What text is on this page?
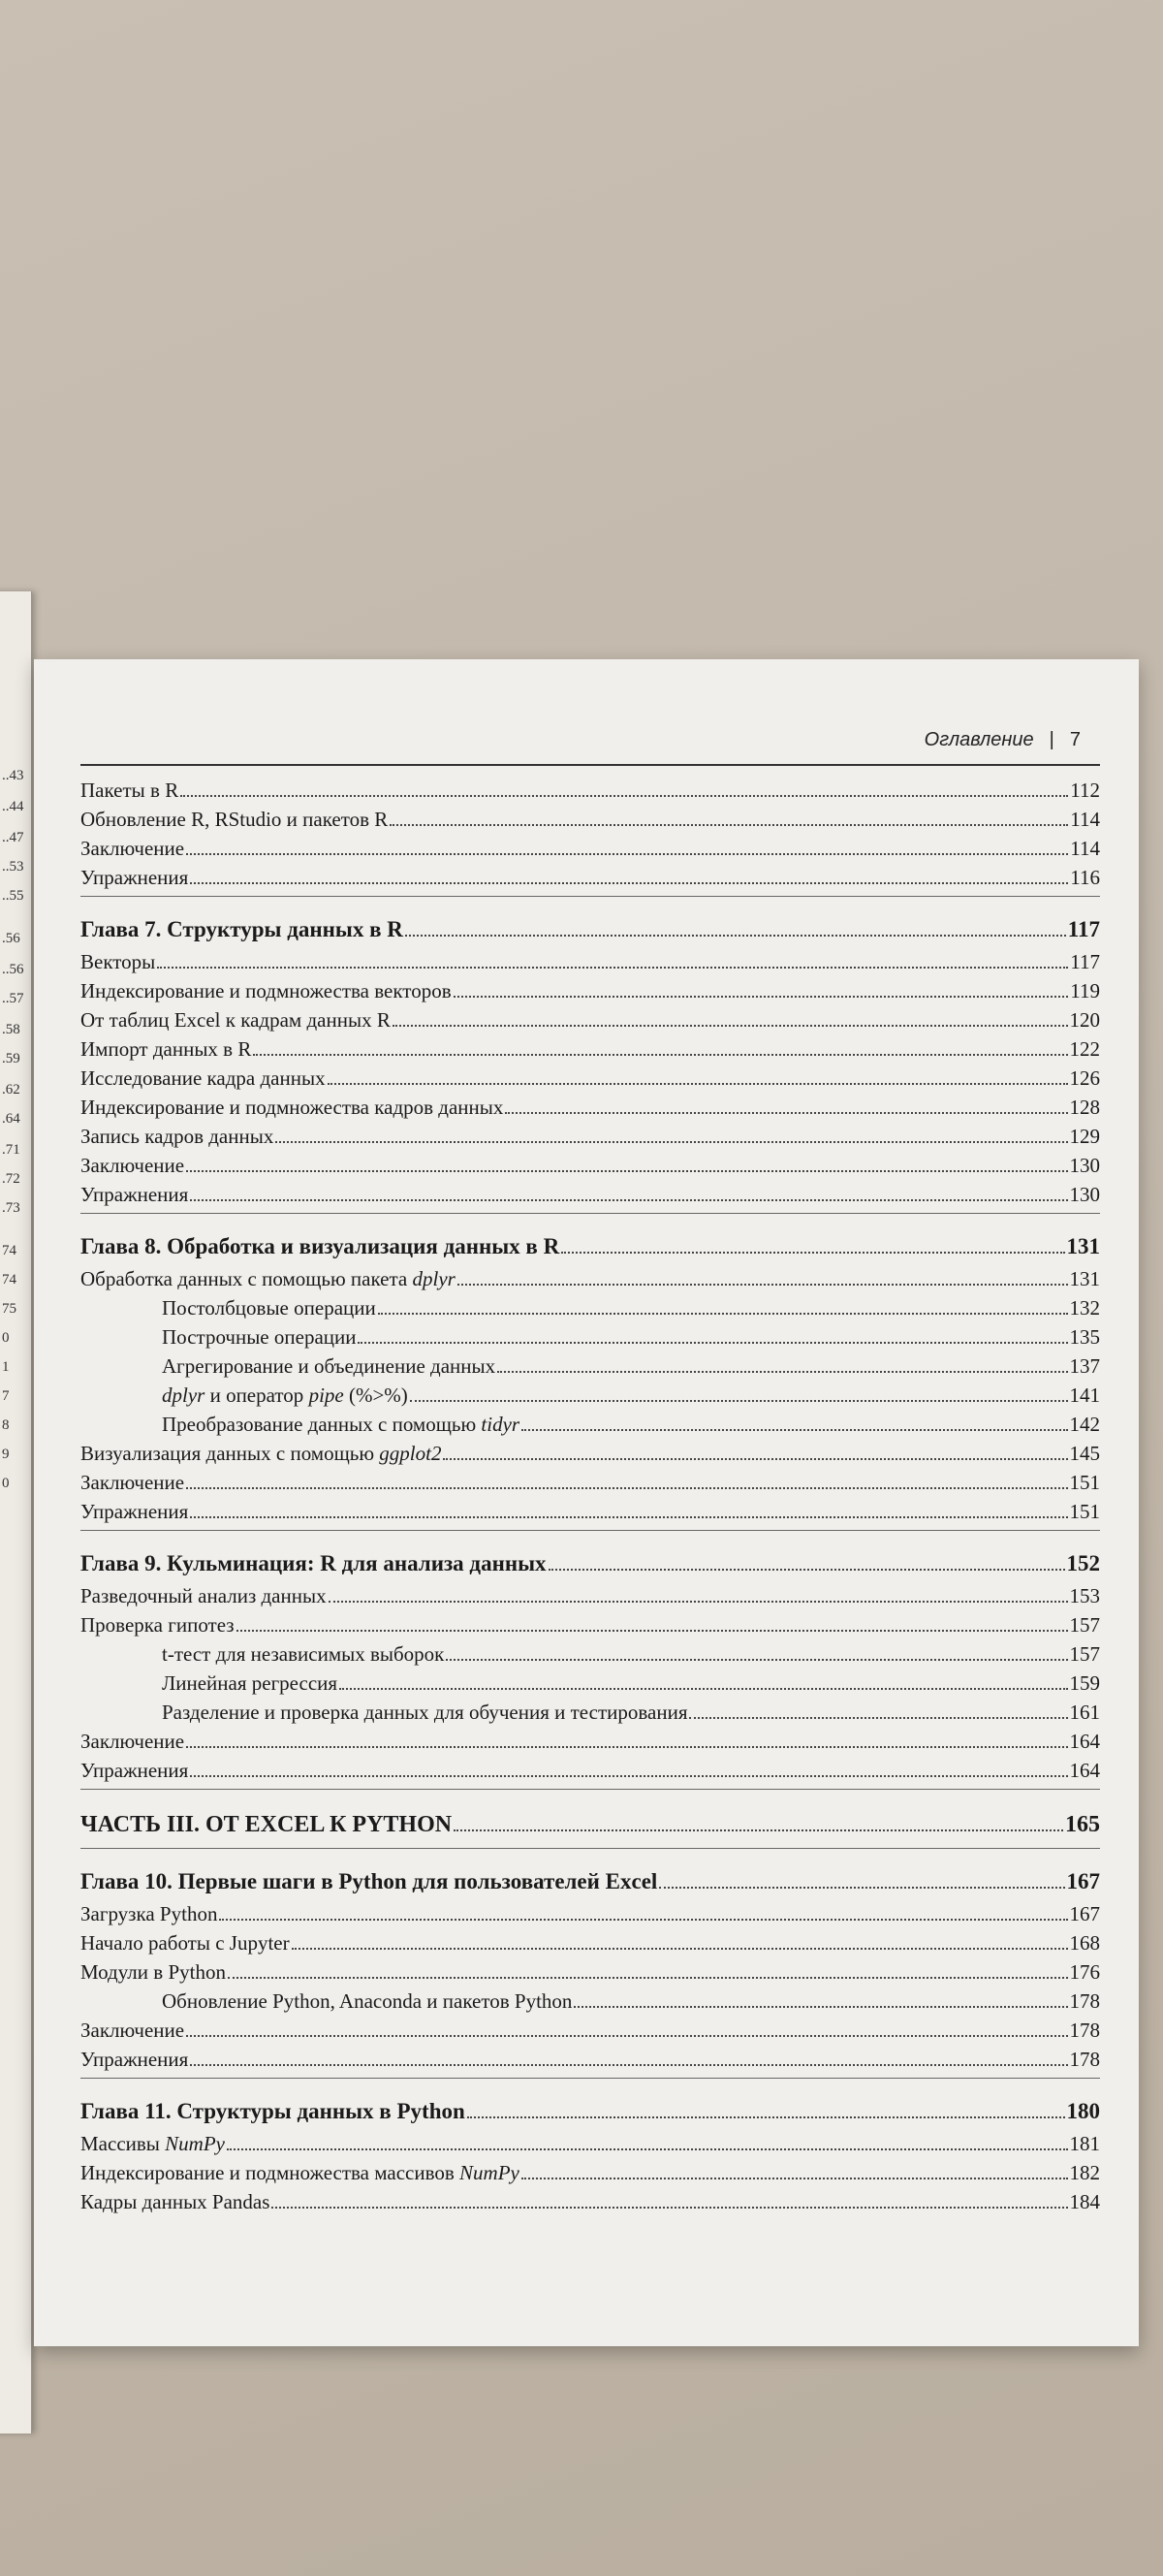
..43
..44
..47
..53
..55
.56
..56
..57
.58
.59
.62
.64
.71
.72
.73
74
74
75
0
1
7
8
9
0
Оглавление | 7
Пакеты в R	112
Обновление R, RStudio и пакетов R	114
Заключение	114
Упражнения	116
Глава 7. Структуры данных в R	117
Векторы	117
Индексирование и подмножества векторов	119
От таблиц Excel к кадрам данных R	120
Импорт данных в R	122
Исследование кадра данных	126
Индексирование и подмножества кадров данных	128
Запись кадров данных	129
Заключение	130
Упражнения	130
Глава 8. Обработка и визуализация данных в R	131
Обработка данных с помощью пакета dplyr	131
Постолбцовые операции	132
Построчные операции	135
Агрегирование и объединение данных	137
dplyr и оператор pipe (%>%)	141
Преобразование данных с помощью tidyr	142
Визуализация данных с помощью ggplot2	145
Заключение	151
Упражнения	151
Глава 9. Кульминация: R для анализа данных	152
Разведочный анализ данных	153
Проверка гипотез	157
t-тест для независимых выборок	157
Линейная регрессия	159
Разделение и проверка данных для обучения и тестирования	161
Заключение	164
Упражнения	164
ЧАСТЬ III. ОТ EXCEL К PYTHON	165
Глава 10. Первые шаги в Python для пользователей Excel	167
Загрузка Python	167
Начало работы с Jupyter	168
Модули в Python	176
Обновление Python, Anaconda и пакетов Python	178
Заключение	178
Упражнения	178
Глава 11. Структуры данных в Python	180
Массивы NumPy	181
Индексирование и подмножества массивов NumPy	182
Кадры данных Pandas	184
